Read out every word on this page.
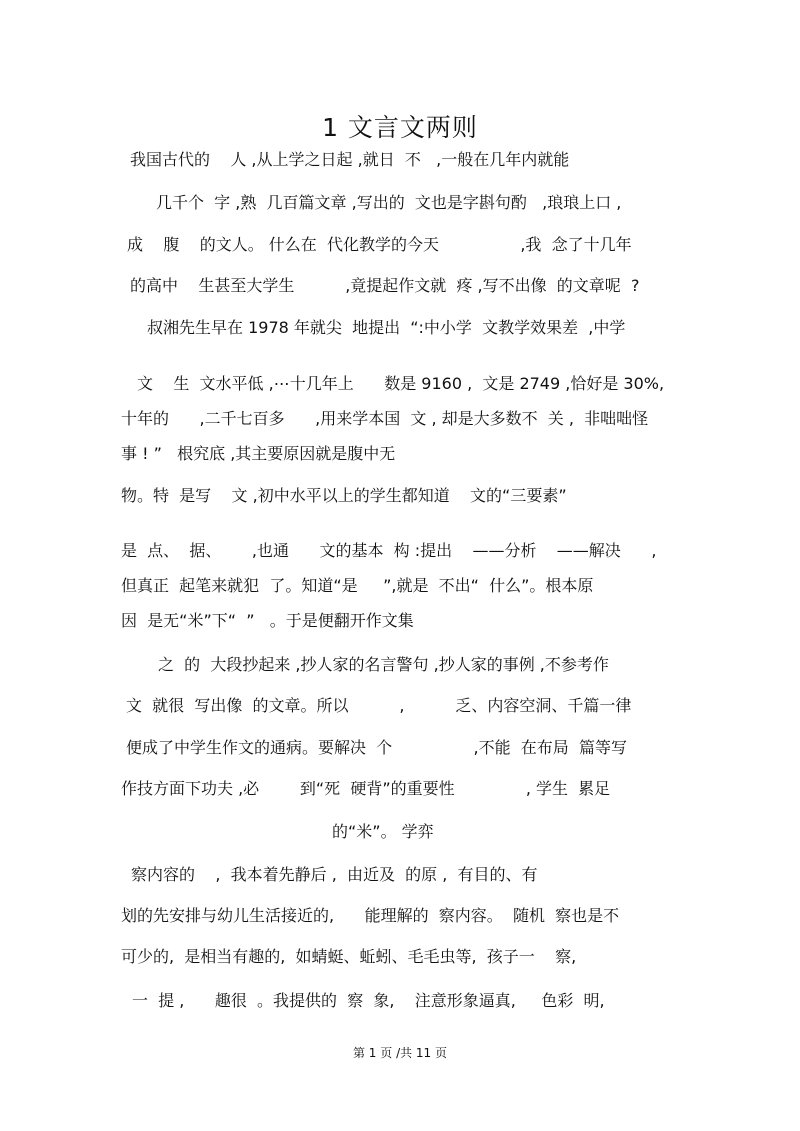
1 文言文两则
我国古代的    人 ,从上学之日起 ,就日  不   ,一般在几年内就能
几千个  字 ,熟  几百篇文章 ,写出的  文也是字斟句酌   ,琅琅上口 ,
成    腹    的文人。 什么在  代化教学的今天                ,我  念了十几年
的高中    生甚至大学生          ,竟提起作文就  疼 ,写不出像  的文章呢  ?
叔湘先生早在 1978 年就尖  地提出  “:中小学  文教学效果差  ,中学
文    生  文水平低 ,⋯十几年上      数是 9160 ,  文是 2749 ,恰好是 30%,
十年的      ,二千七百多      ,用来学本国  文 , 却是大多数不  关 ,  非咄咄怪
事 ! ”   根究底 ,其主要原因就是腹中无
物。特  是写    文 ,初中水平以上的学生都知道    文的“三要素”
是  点、  据、      ,也通      文的基本  构 :提出    ——分析    ——解决      ,
但真正  起笔来就犯  了。知道“是     ”,就是  不出“  什么”。根本原
因  是无“米”下“  ”   。于是便翻开作文集
之  的  大段抄起来 ,抄人家的名言警句 ,抄人家的事例 ,不参考作
文  就很  写出像  的文章。所以          ,          乏、内容空洞、千篇一律
便成了中学生作文的通病。要解决  个                ,不能  在布局  篇等写
作技方面下功夫 ,必        到“死  硬背”的重要性              , 学生  累足
的“米”。 学弈
察内容的    ,  我本着先静后 ,  由近及  的原 ,  有目的、有
划的先安排与幼儿生活接近的,      能理解的  察内容。  随机  察也是不
可少的,  是相当有趣的,  如蜻蜓、蚯蚓、毛毛虫等,  孩子一    察,
一  提 ,      趣很  。我提供的  察  象,    注意形象逼真,     色彩  明,
第 1 页 /共 11 页
